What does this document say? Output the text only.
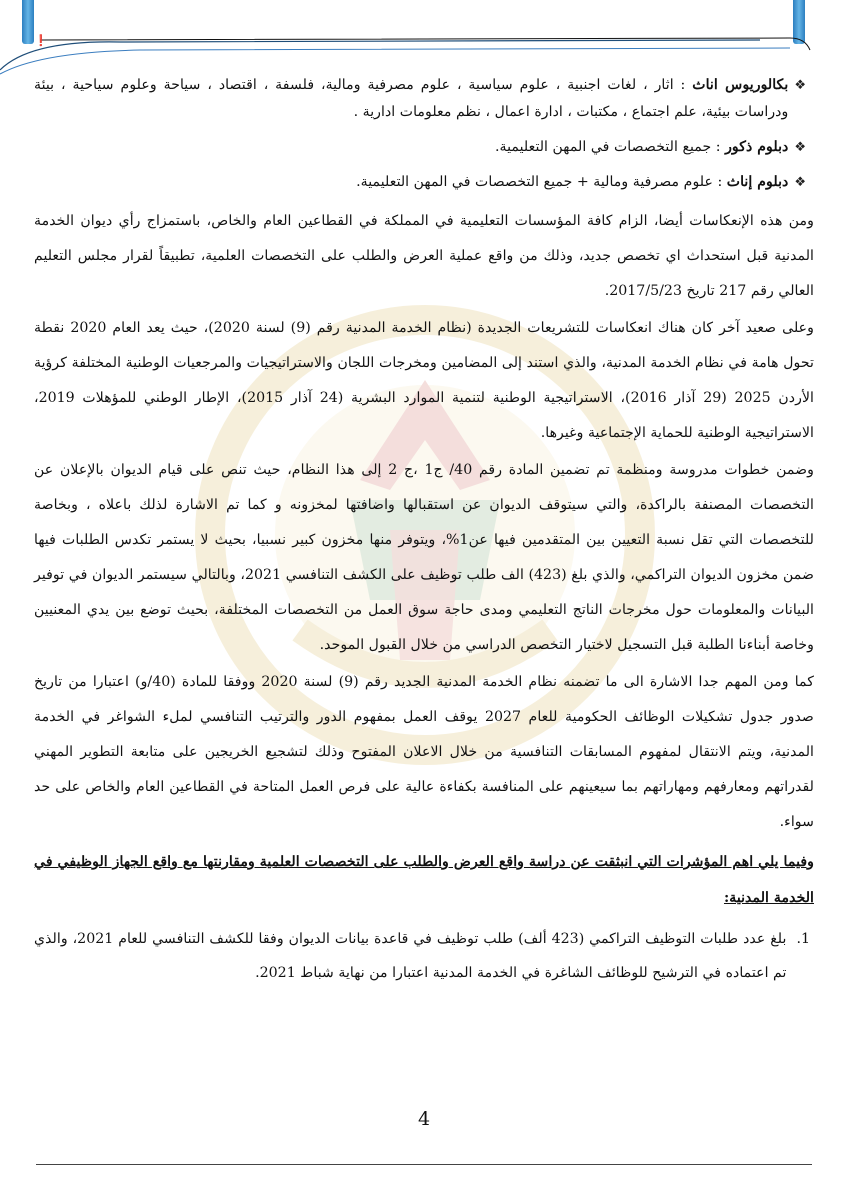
❗
❖
بكالوريوس اناث : اثار ، لغات اجنبية ، علوم سياسية ، علوم مصرفية ومالية، فلسفة ، اقتصاد ، سياحة وعلوم سياحية ، بيئة ودراسات بيئية، علم اجتماع ، مكتبات ، ادارة اعمال ، نظم معلومات ادارية .
❖
دبلوم ذكور : جميع التخصصات في المهن التعليمية.
❖
دبلوم إناث : علوم مصرفية ومالية + جميع التخصصات في المهن التعليمية.

ومن هذه الإنعكاسات أيضا، الزام كافة المؤسسات التعليمية في المملكة في القطاعين العام والخاص، باستمزاج رأي ديوان الخدمة المدنية قبل استحداث اي تخصص جديد، وذلك من واقع عملية العرض والطلب على التخصصات العلمية، تطبيقاً لقرار مجلس التعليم العالي رقم 217 تاريخ 2017/5/23.

وعلى صعيد آخر كان هناك انعكاسات للتشريعات الجديدة (نظام الخدمة المدنية رقم (9) لسنة 2020)، حيث يعد العام 2020 نقطة تحول هامة في نظام الخدمة المدنية، والذي استند إلى المضامين ومخرجات اللجان والاستراتيجيات والمرجعيات الوطنية المختلفة كرؤية الأردن 2025 (29 آذار 2016)، الاستراتيجية الوطنية لتنمية الموارد البشرية (24 آذار 2015)، الإطار الوطني للمؤهلات 2019، الاستراتيجية الوطنية للحماية الإجتماعية وغيرها.

وضمن خطوات مدروسة ومنظمة تم تضمين المادة رقم 40/ ج1 ،ج 2 إلى هذا النظام، حيث تنص على قيام الديوان بالإعلان عن التخصصات المصنفة بالراكدة، والتي سيتوقف الديوان عن استقبالها واضافتها لمخزونه و كما تم الاشارة لذلك باعلاه ، وبخاصة للتخصصات التي تقل نسبة التعيين بين المتقدمين فيها عن1%، ويتوفر منها مخزون كبير نسبيا، بحيث لا يستمر تكدس الطلبات فيها ضمن مخزون الديوان التراكمي، والذي بلغ (423) الف طلب توظيف على الكشف التنافسي 2021، وبالتالي سيستمر الديوان في توفير البيانات والمعلومات حول مخرجات الناتج التعليمي ومدى حاجة سوق العمل من التخصصات المختلفة، بحيث توضع بين يدي المعنيين وخاصة أبناءنا الطلبة قبل التسجيل لاختيار التخصص الدراسي من خلال القبول الموحد.

كما ومن المهم جدا الاشارة الى ما تضمنه نظام الخدمة المدنية الجديد رقم (9) لسنة 2020 ووفقا للمادة (40/و) اعتبارا من تاريخ صدور جدول تشكيلات الوظائف الحكومية للعام 2027 يوقف العمل بمفهوم الدور والترتيب التنافسي لملء الشواغر في الخدمة المدنية، ويتم الانتقال لمفهوم المسابقات التنافسية من خلال الاعلان المفتوح وذلك لتشجيع الخريجين على متابعة التطوير المهني لقدراتهم ومعارفهم ومهاراتهم بما سيعينهم على المنافسة بكفاءة عالية على فرص العمل المتاحة في القطاعين العام والخاص على حد سواء.

وفيما يلي اهم المؤشرات التي انبثقت عن دراسة واقع العرض والطلب على التخصصات العلمية ومقارنتها مع واقع الجهاز الوظيفي في الخدمة المدنية:
1.
بلغ عدد طلبات التوظيف التراكمي (423 ألف) طلب توظيف في قاعدة بيانات الديوان وفقا للكشف التنافسي للعام 2021، والذي تم اعتماده في الترشيح للوظائف الشاغرة في الخدمة المدنية اعتبارا من نهاية شباط 2021.
4
